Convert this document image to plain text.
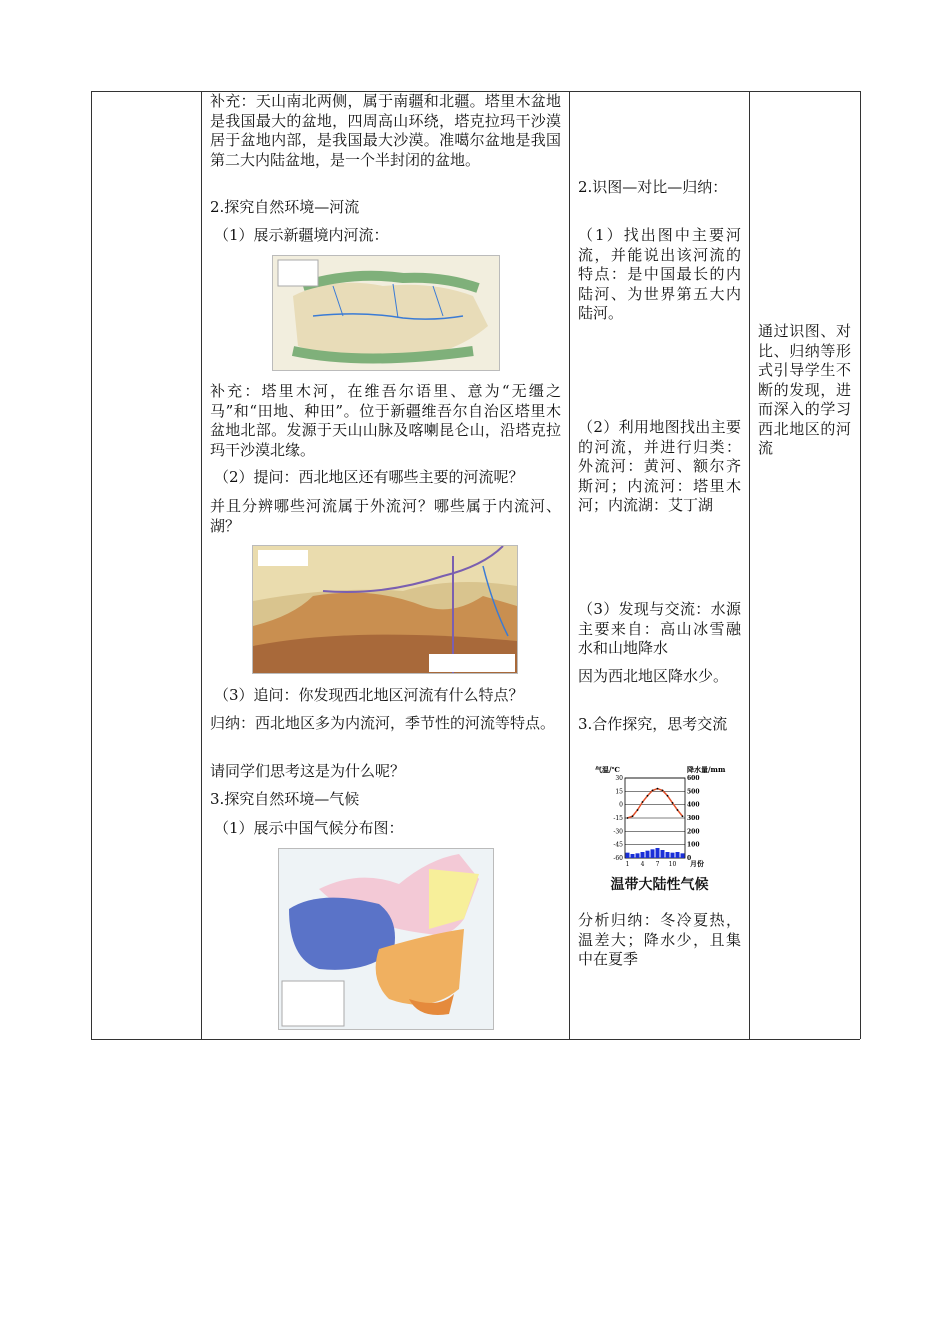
补充：天山南北两侧，属于南疆和北疆。塔里木盆地是我国最大的盆地，四周高山环绕，塔克拉玛干沙漠居于盆地内部，是我国最大沙漠。准噶尔盆地是我国第二大内陆盆地，是一个半封闭的盆地。
2.探究自然环境—河流
（1）展示新疆境内河流：
补充：塔里木河，在维吾尔语里、意为“无缰之马”和“田地、种田”。位于新疆维吾尔自治区塔里木盆地北部。发源于天山山脉及喀喇昆仑山，沿塔克拉玛干沙漠北缘。
（2）提问：西北地区还有哪些主要的河流呢？
并且分辨哪些河流属于外流河？哪些属于内流河、湖？
（3）追问：你发现西北地区河流有什么特点？
归纳：西北地区多为内流河，季节性的河流等特点。
请同学们思考这是为什么呢？
3.探究自然环境—气候
（1）展示中国气候分布图：
2.识图—对比—归纳：
（1）找出图中主要河流，并能说出该河流的特点：是中国最长的内陆河、为世界第五大内陆河。
（2）利用地图找出主要的河流，并进行归类：外流河：黄河、额尔齐斯河；内流河：塔里木河；内流湖：艾丁湖
（3）发现与交流：水源主要来自：高山冰雪融水和山地降水
因为西北地区降水少。
3.合作探究，思考交流
气温/℃	降水量/mm
月份
30
15
0
-15
-30
-45
-60
600
500
400
300
200
100
0
1 4 7 10
温带大陆性气候
分析归纳：冬冷夏热，温差大；降水少，且集中在夏季
通过识图、对比、归纳等形式引导学生不断的发现，进而深入的学习西北地区的河流
